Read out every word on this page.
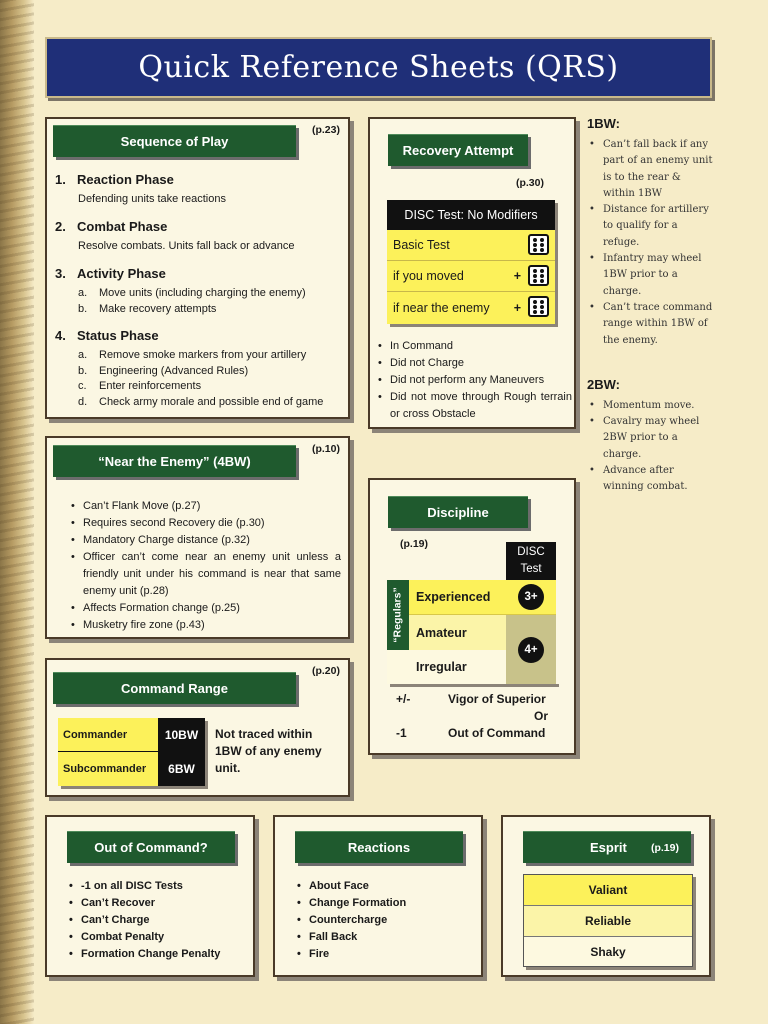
Quick Reference Sheets (QRS)
Sequence of Play
(p.23)
1. Reaction Phase
Defending units take reactions
2. Combat Phase
Resolve combats. Units fall back or advance
3. Activity Phase
a.	Move units (including charging the enemy)
b.	Make recovery attempts
4. Status Phase
a.	Remove smoke markers from your artillery
b.	Engineering (Advanced Rules)
c.	Enter reinforcements
d.	Check army morale and possible end of game
Recovery Attempt
(p.30)
DISC Test: No Modifiers
Basic Test
if you moved	+
if near the enemy +
• In Command
• Did not Charge
• Did not perform any Maneuvers
• Did not move through Rough terrain or cross Obstacle
1BW:
• Can’t fall back if any part of an enemy unit is to the rear & within 1BW
• Distance for artillery to qualify for a refuge.
• Infantry may wheel 1BW prior to a charge.
• Can’t trace command range within 1BW of the enemy.
2BW:
• Momentum move.
• Cavalry may wheel 2BW prior to a charge.
• Advance after winning combat.
“Near the Enemy” (4BW)
(p.10)
• Can’t Flank Move (p.27)
• Requires second Recovery die (p.30)
• Mandatory Charge distance (p.32)
• Officer can’t come near an enemy unit unless a friendly unit under his command is near that same enemy unit (p.28)
• Affects Formation change (p.25)
• Musketry fire zone (p.43)
Discipline
(p.19)
DISC Test
“Regulars” Experienced	3+
Amateur
Irregular
4+
+/-	Vigor of Superior
Or
-1	Out of Command
Command Range
(p.20)
Commander	10BW
Subcommander	6BW
Not traced within 1BW of any enemy unit.
Out of Command?
• -1 on all DISC Tests
• Can’t Recover
• Can’t Charge
• Combat Penalty
• Formation Change Penalty
Reactions
• About Face
• Change Formation
• Countercharge
• Fall Back
• Fire
Esprit (p.19)
Valiant
Reliable
Shaky
